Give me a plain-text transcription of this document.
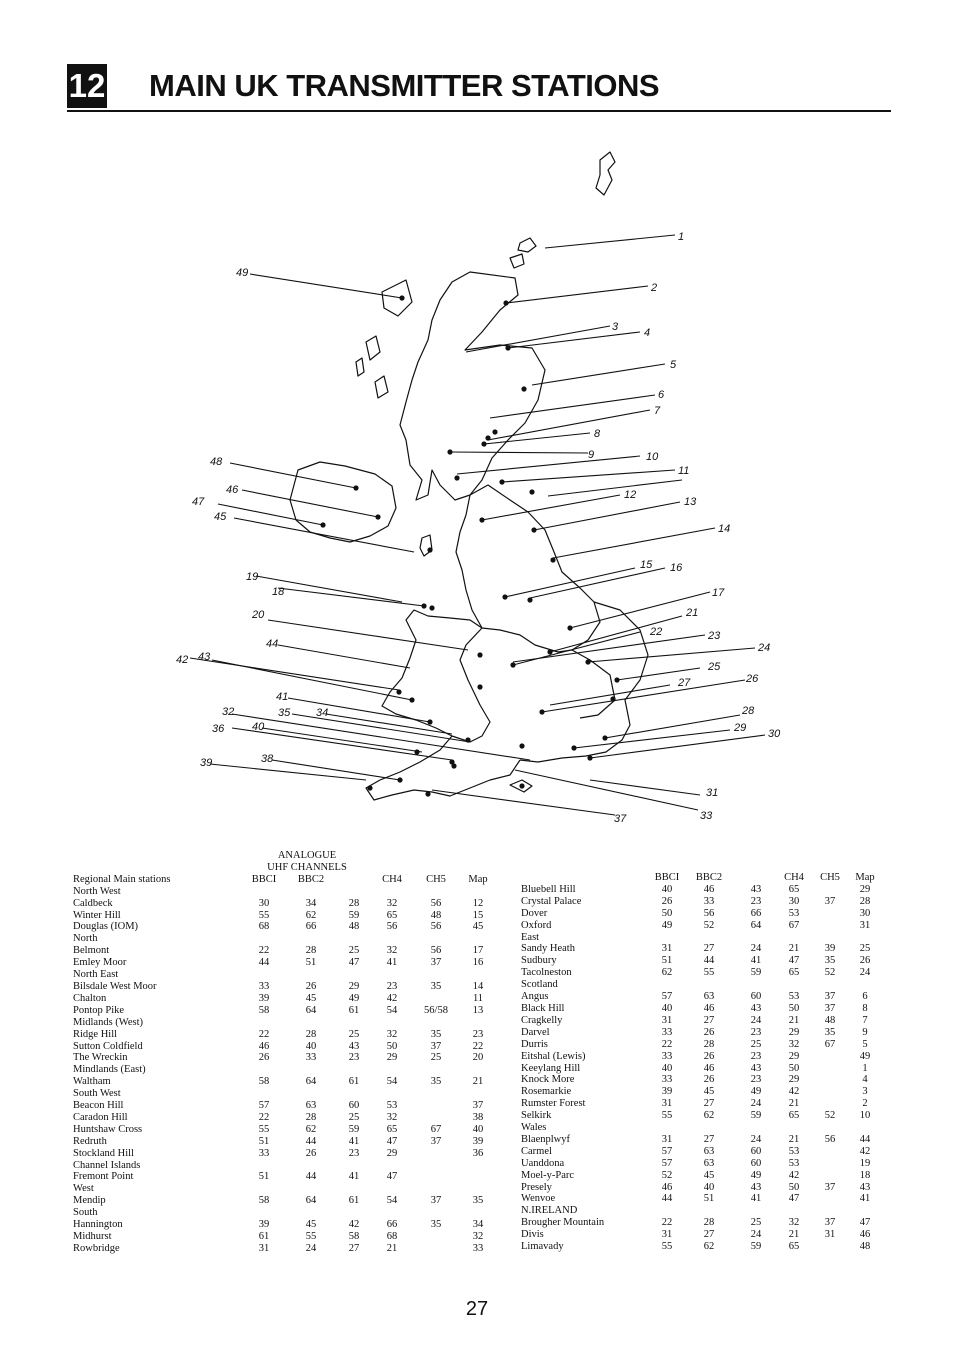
12 MAIN UK TRANSMITTER STATIONS
1
2
3 4
5
6
7
8
9	10
11
12
13
14
15 16
17
21
22	23
24
25
26
27
28
29 30
31
33
37
39	38
36	40
32	35 34
41
43
42
44
20
18
19
45
47
46
48
49
	ANALOGUE					
	UHF CHANNELS					
Regional Main stations	BBCI	BBC2		CH4	CH5	Map
North West						
Caldbeck	30	34	28	32	56	12
Winter Hill	55	62	59	65	48	15
Douglas (IOM)	68	66	48	56	56	45
North						
Belmont	22	28	25	32	56	17
Emley Moor	44	51	47	41	37	16
North East						
Bilsdale West Moor	33	26	29	23	35	14
Chalton	39	45	49	42		11
Pontop Pike	58	64	61	54	56/58	13
Midlands (West)						
Ridge Hill	22	28	25	32	35	23
Sutton Coldfield	46	40	43	50	37	22
The Wreckin	26	33	23	29	25	20
Mindlands (East)						
Waltham	58	64	61	54	35	21
South West						
Beacon Hill	57	63	60	53		37
Caradon Hill	22	28	25	32		38
Huntshaw Cross	55	62	59	65	67	40
Redruth	51	44	41	47	37	39
Stockland Hill	33	26	23	29		36
Channel Islands						
Fremont Point	51	44	41	47		
West						
Mendip	58	64	61	54	37	35
South						
Hannington	39	45	42	66	35	34
Midhurst	61	55	58	68		32
Rowbridge	31	24	27	21		33
	BBCI	BBC2		CH4	CH5	Map
Bluebell Hill	40	46	43	65		29
Crystal Palace	26	33	23	30	37	28
Dover	50	56	66	53		30
Oxford	49	52	64	67		31
East						
Sandy Heath	31	27	24	21	39	25
Sudbury	51	44	41	47	35	26
Tacolneston	62	55	59	65	52	24
Scotland						
Angus	57	63	60	53	37	6
Black Hill	40	46	43	50	37	8
Cragkelly	31	27	24	21	48	7
Darvel	33	26	23	29	35	9
Durris	22	28	25	32	67	5
Eitshal (Lewis)	33	26	23	29		49
Keeylang Hill	40	46	43	50		1
Knock More	33	26	23	29		4
Rosemarkie	39	45	49	42		3
Rumster Forest	31	27	24	21		2
Selkirk	55	62	59	65	52	10
Wales						
Blaenplwyf	31	27	24	21	56	44
Carmel	57	63	60	53		42
Uanddona	57	63	60	53		19
Moel-y-Parc	52	45	49	42		18
Presely	46	40	43	50	37	43
Wenvoe	44	51	41	47		41
N.IRELAND						
Brougher Mountain	22	28	25	32	37	47
Divis	31	27	24	21	31	46
Limavady	55	62	59	65		48
27
